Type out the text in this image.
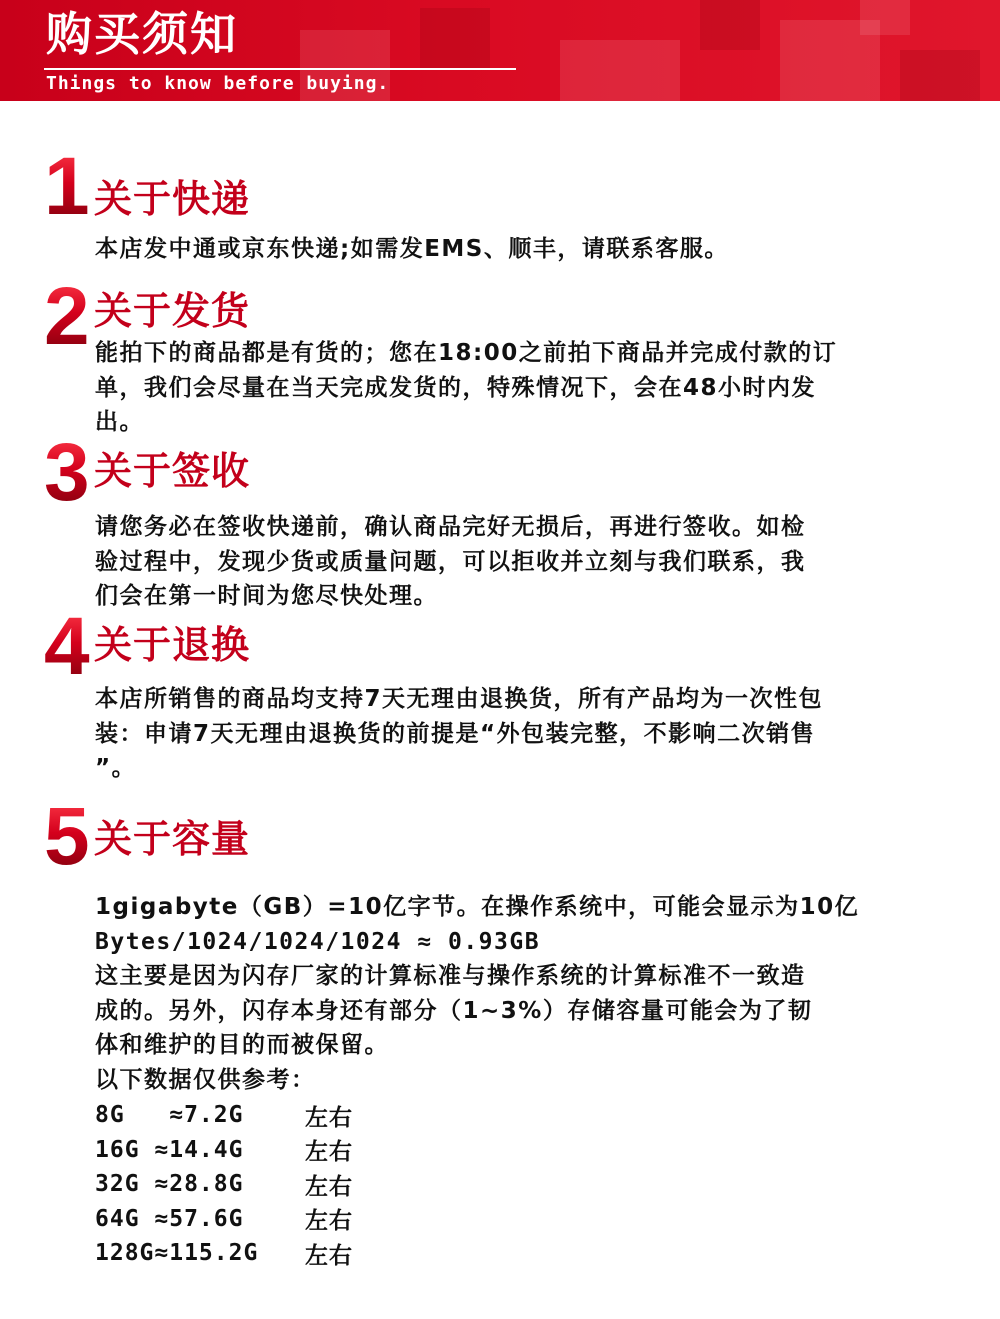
购买须知
Things to know before buying.
1 关于快递
本店发中通或京东快递;如需发EMS、顺丰，请联系客服。
2 关于发货
能拍下的商品都是有货的；您在18:00之前拍下商品并完成付款的订
单，我们会尽量在当天完成发货的，特殊情况下，会在48小时内发
出。
3 关于签收
请您务必在签收快递前，确认商品完好无损后，再进行签收。如检
验过程中，发现少货或质量问题，可以拒收并立刻与我们联系，我
们会在第一时间为您尽快处理。
4 关于退换
本店所销售的商品均支持7天无理由退换货，所有产品均为一次性包
装：申请7天无理由退换货的前提是“外包装完整，不影响二次销售
”。
5 关于容量
1gigabyte（GB）=10亿字节。在操作系统中，可能会显示为10亿
Bytes/1024/1024/1024 ≈ 0.93GB
这主要是因为闪存厂家的计算标准与操作系统的计算标准不一致造
成的。另外，闪存本身还有部分（1~3%）存储容量可能会为了韧
体和维护的目的而被保留。
以下数据仅供参考：
8G   ≈7.2G	左右
16G ≈14.4G	左右
32G ≈28.8G	左右
64G ≈57.6G	左右
128G≈115.2G	左右
